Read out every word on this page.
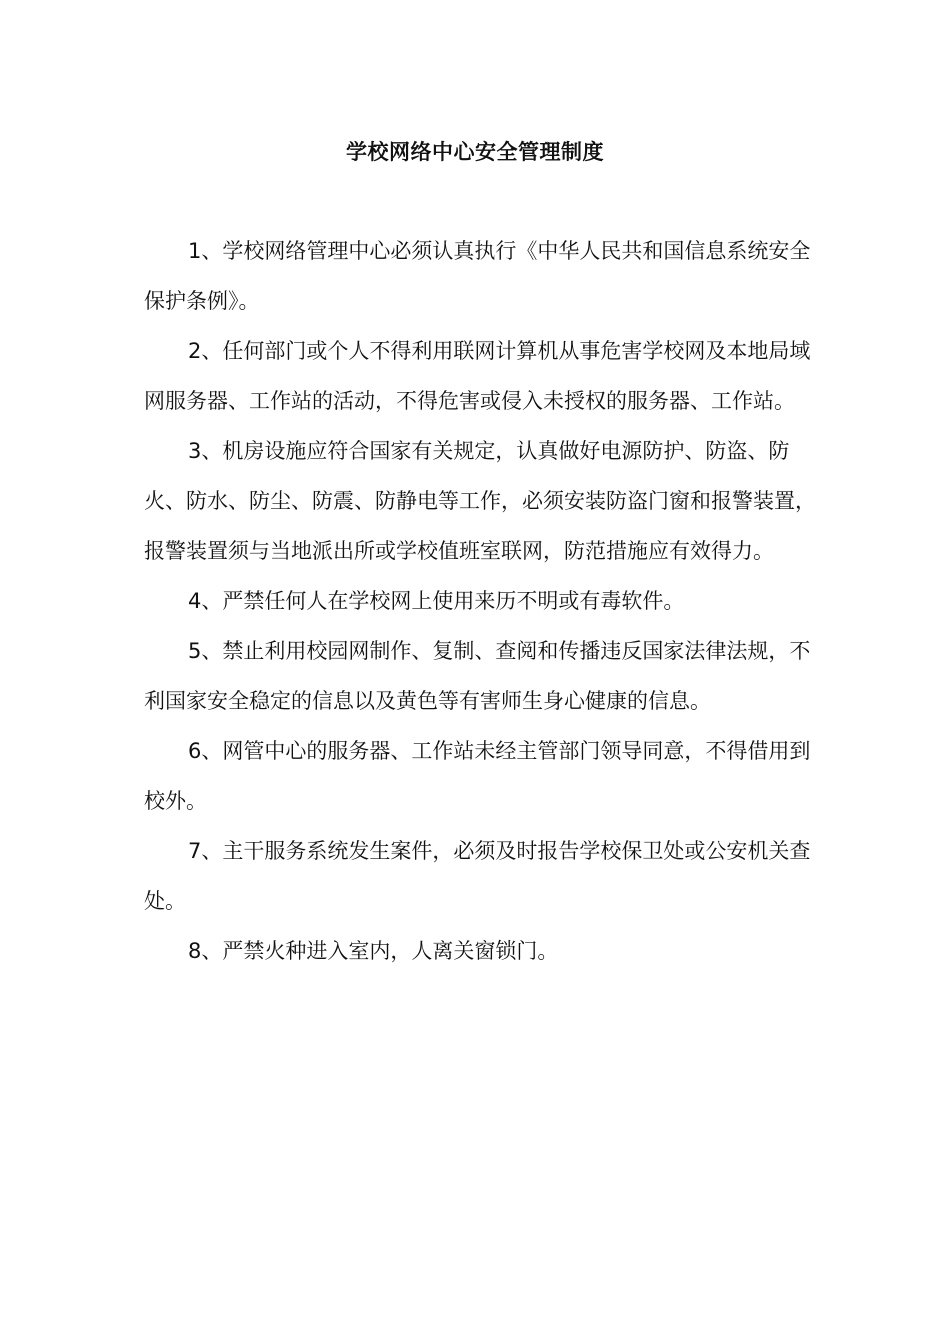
学校网络中心安全管理制度

1、学校网络管理中心必须认真执行《中华人民共和国信息系统安全保护条例》。

2、任何部门或个人不得利用联网计算机从事危害学校网及本地局域网服务器、工作站的活动，不得危害或侵入未授权的服务器、工作站。

3、机房设施应符合国家有关规定，认真做好电源防护、防盗、防火、防水、防尘、防震、防静电等工作，必须安装防盗门窗和报警装置，报警装置须与当地派出所或学校值班室联网，防范措施应有效得力。

4、严禁任何人在学校网上使用来历不明或有毒软件。

5、禁止利用校园网制作、复制、查阅和传播违反国家法律法规，不利国家安全稳定的信息以及黄色等有害师生身心健康的信息。

6、网管中心的服务器、工作站未经主管部门领导同意，不得借用到校外。

7、主干服务系统发生案件，必须及时报告学校保卫处或公安机关查处。

8、严禁火种进入室内，人离关窗锁门。
